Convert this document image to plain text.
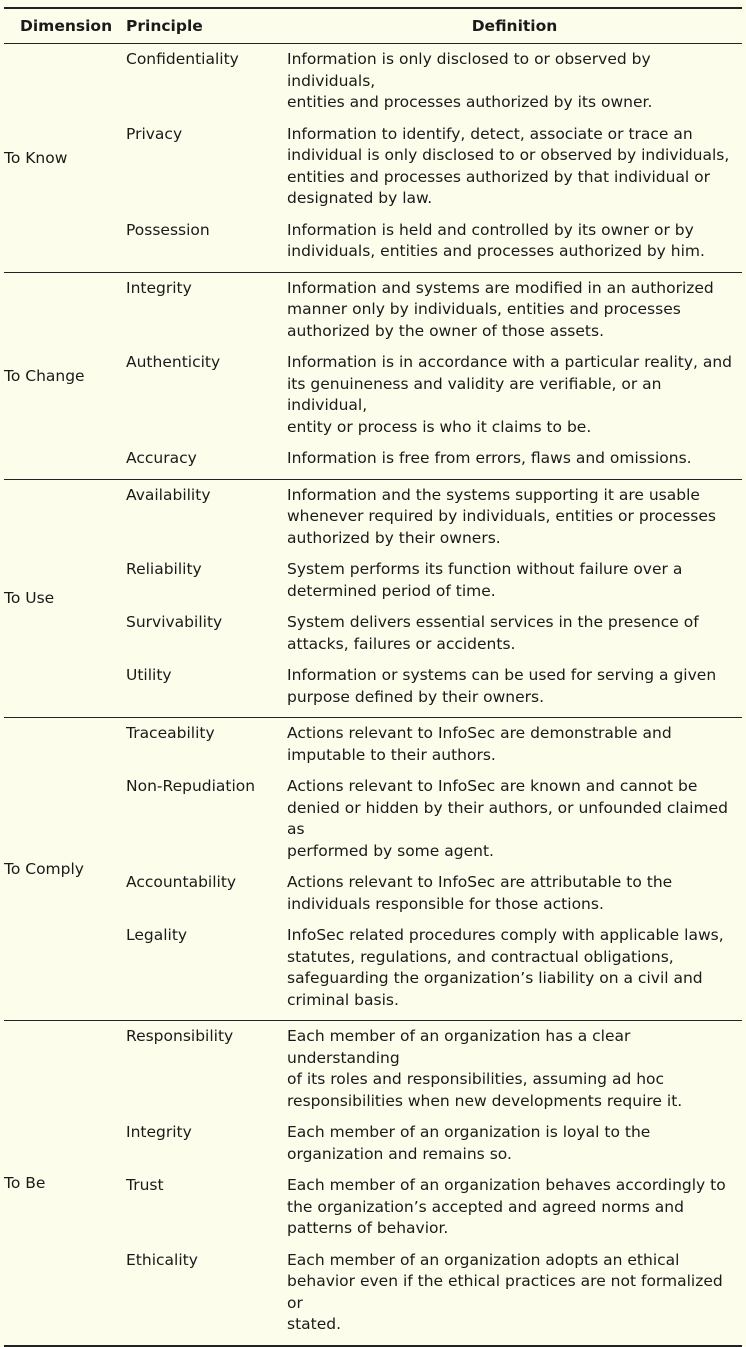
Dimension Principle	Definition
To Know
Confidentiality	Information is only disclosed to or observed by individuals,
entities and processes authorized by its owner.
Privacy	Information to identify, detect, associate or trace an
individual is only disclosed to or observed by individuals,
entities and processes authorized by that individual or
designated by law.
Possession	Information is held and controlled by its owner or by
individuals, entities and processes authorized by him.
To Change
Integrity	Information and systems are modified in an authorized
manner only by individuals, entities and processes
authorized by the owner of those assets.
Authenticity	Information is in accordance with a particular reality, and
its genuineness and validity are verifiable, or an individual,
entity or process is who it claims to be.
Accuracy	Information is free from errors, flaws and omissions.
To Use
Availability	Information and the systems supporting it are usable
whenever required by individuals, entities or processes
authorized by their owners.
Reliability	System performs its function without failure over a
determined period of time.
Survivability	System delivers essential services in the presence of
attacks, failures or accidents.
Utility	Information or systems can be used for serving a given
purpose defined by their owners.
To Comply
Traceability	Actions relevant to InfoSec are demonstrable and
imputable to their authors.
Non-Repudiation	Actions relevant to InfoSec are known and cannot be
denied or hidden by their authors, or unfounded claimed as
performed by some agent.
Accountability	Actions relevant to InfoSec are attributable to the
individuals responsible for those actions.
Legality	InfoSec related procedures comply with applicable laws,
statutes, regulations, and contractual obligations,
safeguarding the organization’s liability on a civil and
criminal basis.
To Be
Responsibility	Each member of an organization has a clear understanding
of its roles and responsibilities, assuming ad hoc
responsibilities when new developments require it.
Integrity	Each member of an organization is loyal to the
organization and remains so.
Trust	Each member of an organization behaves accordingly to
the organization’s accepted and agreed norms and
patterns of behavior.
Ethicality	Each member of an organization adopts an ethical
behavior even if the ethical practices are not formalized or
stated.
